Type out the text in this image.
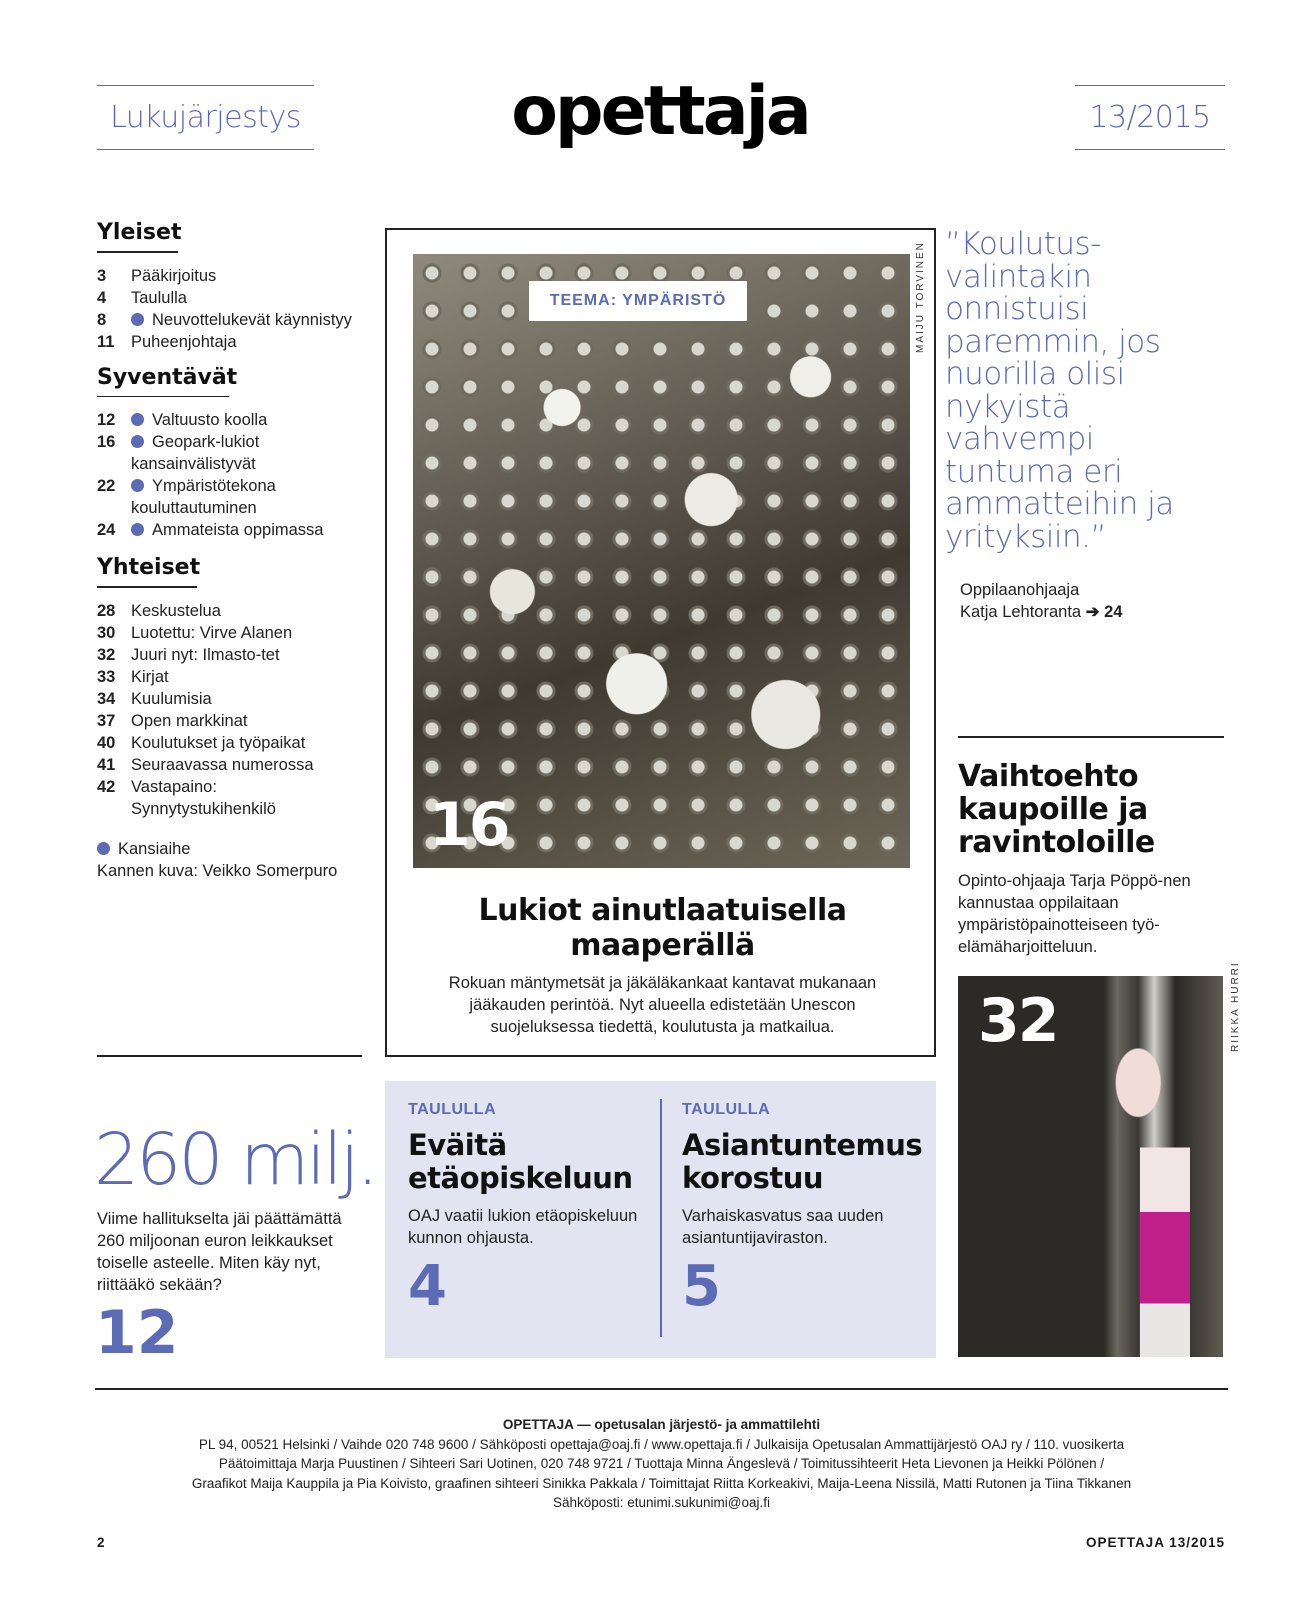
Lukujärjestys	opettaja	13/2015
Yleiset
3	Pääkirjoitus
4	Taululla
8	Neuvottelukevät käynnistyy
11	Puheenjohtaja
Syventävät
12	Valtuusto koolla
16	Geopark-lukiot kansainvälistyvät
22	Ympäristötekona kouluttautuminen
24	Ammateista oppimassa
Yhteiset
28 Keskustelua
30 Luotettu: Virve Alanen
32 Juuri nyt: Ilmasto-tet
33 Kirjat
34 Kuulumisia
37 Open markkinat
40 Koulutukset ja työpaikat
41 Seuraavassa numerossa
42 Vastapaino: Synnytystukihenkilö
Kansiaihe
Kannen kuva: Veikko Somerpuro
TEEMA: YMPÄRISTÖ
16
MAIJU TORVINEN
Lukiot ainutlaatuisella maaperällä
Rokuan mäntymetsät ja jäkäläkankaat kantavat mukanaan jääkauden perintöä. Nyt alueella edistetään Unescon suojeluksessa tiedettä, koulutusta ja matkailua.
”Koulutus-valintakin onnistuisi paremmin, jos nuorilla olisi nykyistä vahvempi tuntuma eri ammatteihin ja yrityksiin.”
Oppilaanohjaaja
Katja Lehtoranta ➔ 24
Vaihtoehto kaupoille ja ravintoloille
Opinto-ohjaaja Tarja Pöppö-nen kannustaa oppilaitaan ympäristöpainotteiseen työ-elämäharjoitteluun.
32	RIIKKA HURRI
260 milj.
Viime hallitukselta jäi päättämättä 260 miljoonan euron leikkaukset toiselle asteelle. Miten käy nyt, riittääkö sekään?
12
TAULULLA
Eväitä etäopiskeluun
OAJ vaatii lukion etäopiskeluun kunnon ohjausta.
4
TAULULLA
Asiantuntemus korostuu
Varhaiskasvatus saa uuden asiantuntijaviraston.
5
OPETTAJA — opetusalan järjestö- ja ammattilehti
PL 94, 00521 Helsinki / Vaihde 020 748 9600 / Sähköposti opettaja@oaj.fi / www.opettaja.fi / Julkaisija Opetusalan Ammattijärjestö OAJ ry / 110. vuosikerta
Päätoimittaja Marja Puustinen / Sihteeri Sari Uotinen, 020 748 9721 / Tuottaja Minna Ängeslevä / Toimitussihteerit Heta Lievonen ja Heikki Pölönen /
Graafikot Maija Kauppila ja Pia Koivisto, graafinen sihteeri Sinikka Pakkala / Toimittajat Riitta Korkeakivi, Maija-Leena Nissilä, Matti Rutonen ja Tiina Tikkanen
Sähköposti: etunimi.sukunimi@oaj.fi
2	OPETTAJA 13/2015
